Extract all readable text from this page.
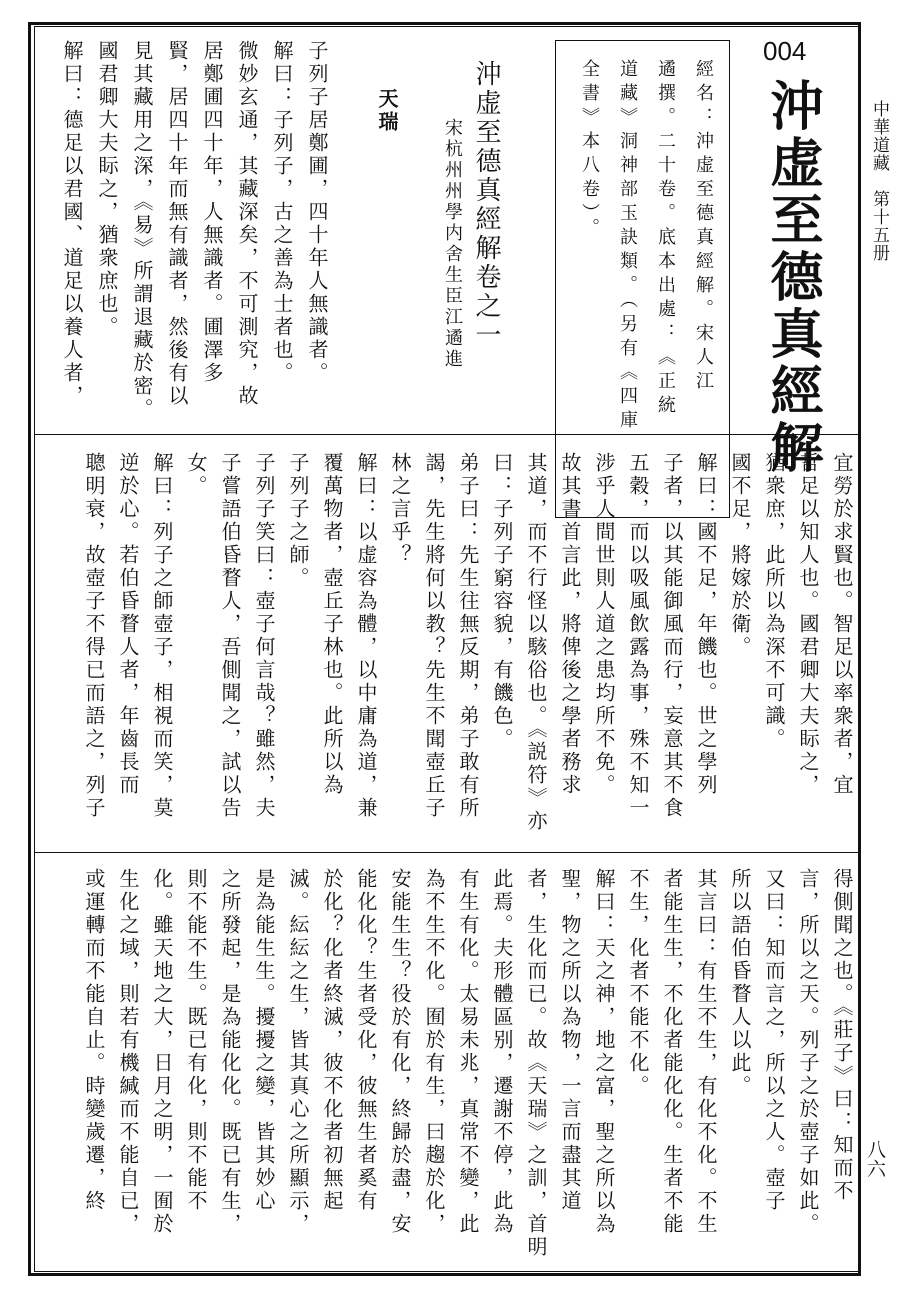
中華道藏　第十五册
八六
004
沖虚至德真經解
經名：沖虚至德真經解。宋人江
遹撰。二十卷。底本出處：《正統
道藏》洞神部玉訣類。（另有《四庫
全書》本八卷）。
沖虚至德真經解卷之一
宋杭州州學内舍生臣江遹進
天瑞
子列子居鄭圃，四十年人無識者。
解曰：子列子，古之善為士者也。
微妙玄通，其藏深矣，不可測究，故
居鄭圃四十年，人無識者。圃澤多
賢，居四十年而無有識者，然後有以
見其藏用之深，《易》所謂退藏於密。
國君卿大夫眎之，猶衆庶也。
解曰：德足以君國、道足以養人者，
宜勞於求賢也。智足以率衆者，宜
哲足以知人也。國君卿大夫眎之，
猶衆庶，此所以為深不可識。
國不足，將嫁於衛。
解曰：國不足，年饑也。世之學列
子者，以其能御風而行，妄意其不食
五穀，而以吸風飲露為事，殊不知一
涉乎人間世則人道之患均所不免。
故其書首言此，將俾後之學者務求
其道，而不行怪以駭俗也。《説符》亦
曰：子列子窮容貌，有饑色。
弟子曰：先生往無反期，弟子敢有所
謁，先生將何以教？先生不聞壺丘子
林之言乎？
解曰：以虚容為體，以中庸為道，兼
覆萬物者，壺丘子林也。此所以為
子列子之師。
子列子笑曰：壺子何言哉？雖然，夫
子嘗語伯昏瞀人，吾側聞之，試以告
女。
解曰：列子之師壺子，相視而笑，莫
逆於心。若伯昏瞀人者，年齒長而
聰明衰，故壺子不得已而語之，列子
得側聞之也。《莊子》曰：知而不
言，所以之天。列子之於壺子如此。
又曰：知而言之，所以之人。壺子
所以語伯昏瞀人以此。
其言曰：有生不生，有化不化。不生
者能生生，不化者能化化。生者不能
不生，化者不能不化。
解曰：天之神，地之富，聖之所以為
聖，物之所以為物，一言而盡其道
者，生化而已。故《天瑞》之訓，首明
此焉。夫形體區别，遷謝不停，此為
有生有化。太易未兆，真常不變，此
為不生不化。囿於有生，曰趨於化，
安能生生？役於有化，終歸於盡，安
能化化？生者受化，彼無生者奚有
於化？化者終滅，彼不化者初無起
滅。紜紜之生，皆其真心之所顯示，
是為能生生。擾擾之變，皆其妙心
之所發起，是為能化化。既已有生，
則不能不生。既已有化，則不能不
化。雖天地之大，日月之明，一囿於
生化之域，則若有機緘而不能自已，
或運轉而不能自止。時變歲遷，終
